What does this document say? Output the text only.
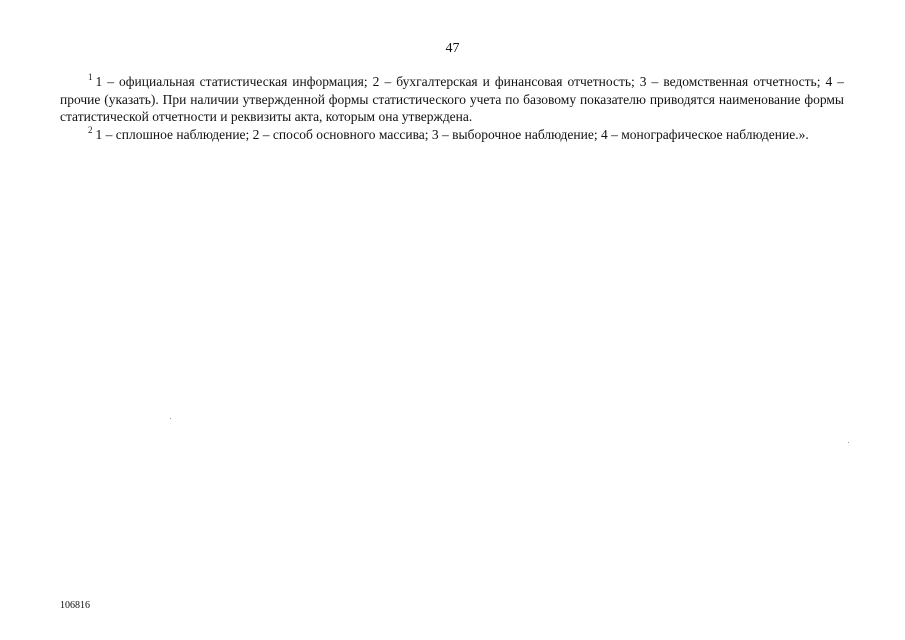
47

$^1$ 1 – официальная статистическая информация; 2 – бухгалтерская и финансовая отчетность; 3 – ведомственная отчетность; 4 – прочие (указать). При наличии утвержденной формы статистического учета по базовому показателю приводятся наименование формы статистической отчетности и реквизиты акта, которым она утверждена.

$^2$ 1 – сплошное наблюдение; 2 – способ основного массива; 3 – выборочное наблюдение; 4 – монографическое наблюдение.».

106816
